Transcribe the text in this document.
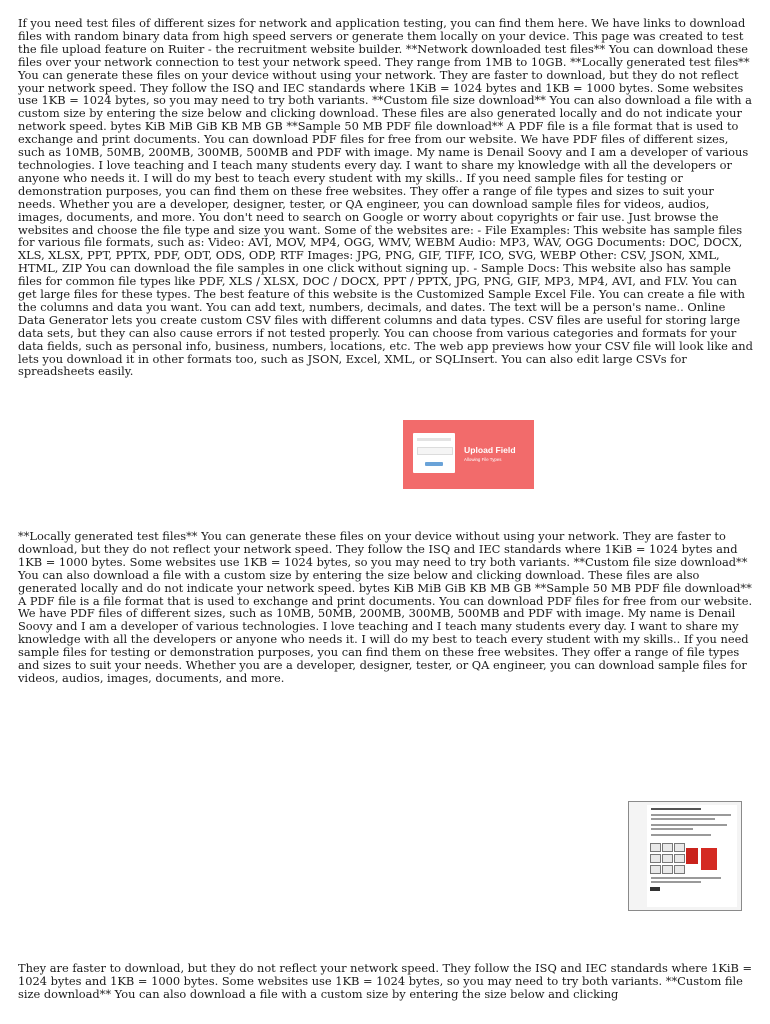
If you need test files of different sizes for network and application testing, you can find them here. We have links to download files with random binary data from high speed servers or generate them locally on your device. This page was created to test the file upload feature on Ruiter - the recruitment website builder. **Network downloaded test files** You can download these files over your network connection to test your network speed. They range from 1MB to 10GB. **Locally generated test files** You can generate these files on your device without using your network. They are faster to download, but they do not reflect your network speed. They follow the ISQ and IEC standards where 1KiB = 1024 bytes and 1KB = 1000 bytes. Some websites use 1KB = 1024 bytes, so you may need to try both variants. **Custom file size download** You can also download a file with a custom size by entering the size below and clicking download. These files are also generated locally and do not indicate your network speed. bytes KiB MiB GiB KB MB GB **Sample 50 MB PDF file download** A PDF file is a file format that is used to exchange and print documents. You can download PDF files for free from our website. We have PDF files of different sizes, such as 10MB, 50MB, 200MB, 300MB, 500MB and PDF with image. My name is Denail Soovy and I am a developer of various technologies. I love teaching and I teach many students every day. I want to share my knowledge with all the developers or anyone who needs it. I will do my best to teach every student with my skills.. If you need sample files for testing or demonstration purposes, you can find them on these free websites. They offer a range of file types and sizes to suit your needs. Whether you are a developer, designer, tester, or QA engineer, you can download sample files for videos, audios, images, documents, and more. You don't need to search on Google or worry about copyrights or fair use. Just browse the websites and choose the file type and size you want. Some of the websites are: - File Examples: This website has sample files for various file formats, such as: Video: AVI, MOV, MP4, OGG, WMV, WEBM Audio: MP3, WAV, OGG Documents: DOC, DOCX, XLS, XLSX, PPT, PPTX, PDF, ODT, ODS, ODP, RTF Images: JPG, PNG, GIF, TIFF, ICO, SVG, WEBP Other: CSV, JSON, XML, HTML, ZIP You can download the file samples in one click without signing up. - Sample Docs: This website also has sample files for common file types like PDF, XLS / XLSX, DOC / DOCX, PPT / PPTX, JPG, PNG, GIF, MP3, MP4, AVI, and FLV. You can get large files for these types. The best feature of this website is the Customized Sample Excel File. You can create a file with the columns and data you want. You can add text, numbers, decimals, and dates. The text will be a person's name.. Online Data Generator lets you create custom CSV files with different columns and data types. CSV files are useful for storing large data sets, but they can also cause errors if not tested properly. You can choose from various categories and formats for your data fields, such as personal info, business, numbers, locations, etc. The web app previews how your CSV file will look like and lets you download it in other formats too, such as JSON, Excel, XML, or SQLInsert. You can also edit large CSVs for spreadsheets easily.

Upload Field
Allowing File Types

**Locally generated test files** You can generate these files on your device without using your network. They are faster to download, but they do not reflect your network speed. They follow the ISQ and IEC standards where 1KiB = 1024 bytes and 1KB = 1000 bytes. Some websites use 1KB = 1024 bytes, so you may need to try both variants. **Custom file size download** You can also download a file with a custom size by entering the size below and clicking download. These files are also generated locally and do not indicate your network speed. bytes KiB MiB GiB KB MB GB **Sample 50 MB PDF file download** A PDF file is a file format that is used to exchange and print documents. You can download PDF files for free from our website. We have PDF files of different sizes, such as 10MB, 50MB, 200MB, 300MB, 500MB and PDF with image. My name is Denail Soovy and I am a developer of various technologies. I love teaching and I teach many students every day. I want to share my knowledge with all the developers or anyone who needs it. I will do my best to teach every student with my skills.. If you need sample files for testing or demonstration purposes, you can find them on these free websites. They offer a range of file types and sizes to suit your needs. Whether you are a developer, designer, tester, or QA engineer, you can download sample files for videos, audios, images, documents, and more.

They are faster to download, but they do not reflect your network speed. They follow the ISQ and IEC standards where 1KiB = 1024 bytes and 1KB = 1000 bytes. Some websites use 1KB = 1024 bytes, so you may need to try both variants. **Custom file size download** You can also download a file with a custom size by entering the size below and clicking
